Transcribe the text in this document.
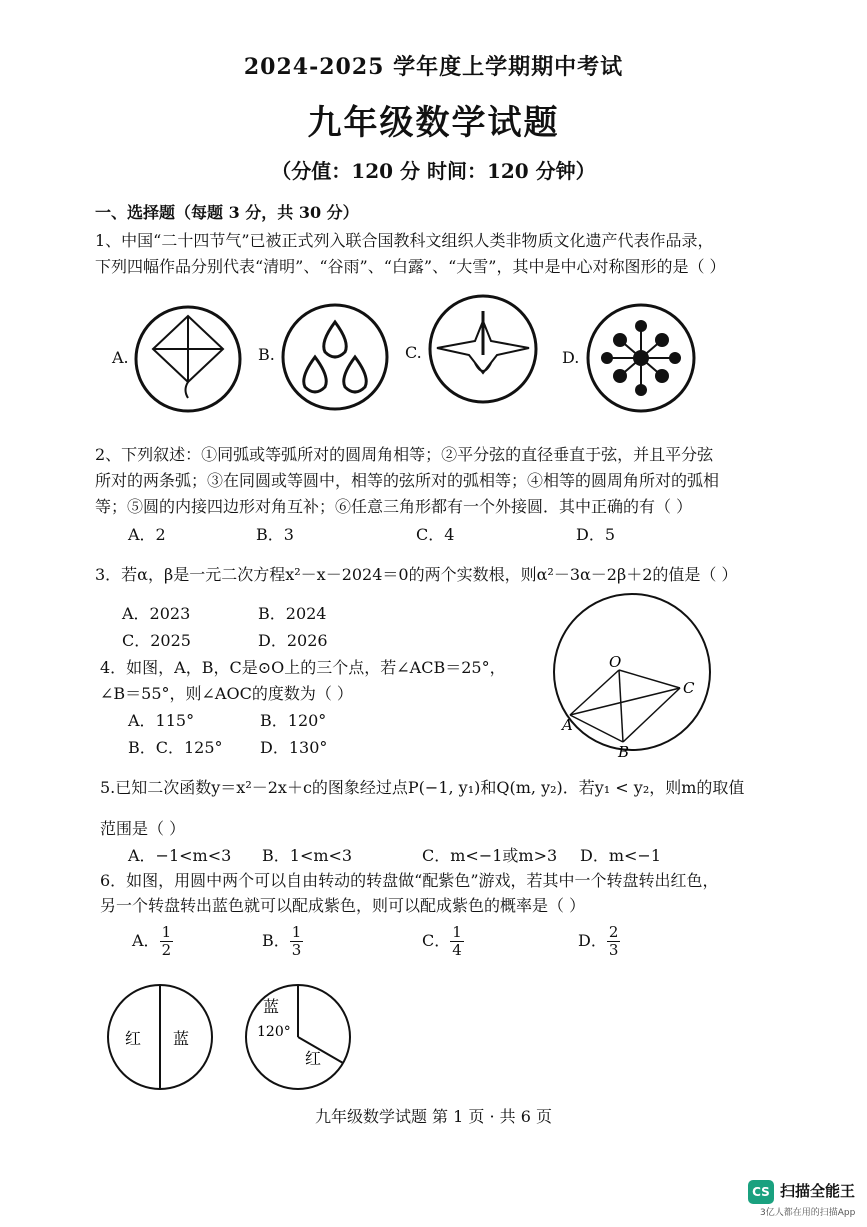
2024-2025 学年度上学期期中考试
九年级数学试题
（分值：120 分 时间：120 分钟）
一、选择题（每题 3 分，共 30 分）
1、中国“二十四节气”已被正式列入联合国教科文组织人类非物质文化遗产代表作品录，
下列四幅作品分别代表“清明”、“谷雨”、“白露”、“大雪”，其中是中心对称图形的是（ ）
A.	B.	C.	D.
2、下列叙述：①同弧或等弧所对的圆周角相等；②平分弦的直径垂直于弦，并且平分弦
所对的两条弧；③在同圆或等圆中，相等的弦所对的弧相等；④相等的圆周角所对的弧相
等；⑤圆的内接四边形对角互补；⑥任意三角形都有一个外接圆．其中正确的有（ ）
A．2	B．3	C．4	D．5
3．若α，β是一元二次方程x²－x－2024＝0的两个实数根，则α²－3α－2β＋2的值是（ ）
A．2023	B．2024
C．2025	D．2026
4．如图，A，B，C是⊙O上的三个点，若∠ACB＝25°，
∠B＝55°，则∠AOC的度数为（ ）
A．115°	B．120°
B．C．125° D．130°
O
A
B
C
5.已知二次函数y＝x²－2x＋c的图象经过点P(−1, y₁)和Q(m, y₂)．若y₁ < y₂，则m的取值
范围是（ ）
A．−1<m<3 B．1<m<3	C．m<−1或m>3 D．m<−1
6．如图，用圆中两个可以自由转动的转盘做“配紫色”游戏，若其中一个转盘转出红色，
另一个转盘转出蓝色就可以配成紫色，则可以配成紫色的概率是（ ）
A． $\frac{1}{2}$	B． $\frac{1}{3}$	C． $\frac{1}{4}$	D． $\frac{2}{3}$
红 蓝
蓝
120°
红
九年级数学试题 第 1 页 · 共 6 页
CS 扫描全能王
3亿人都在用的扫描App
